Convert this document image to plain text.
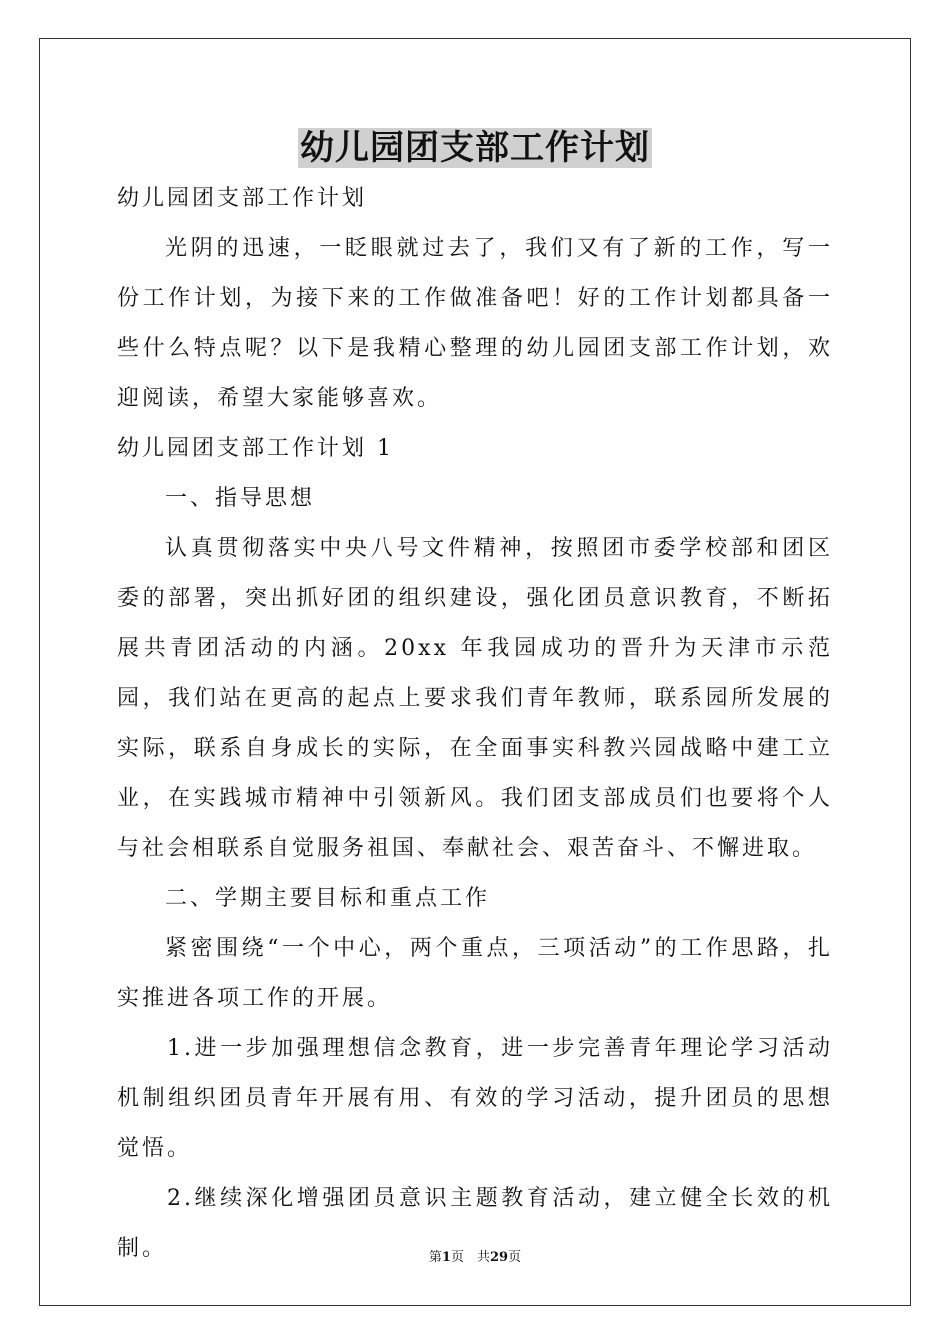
幼儿园团支部工作计划

幼儿园团支部工作计划

光阴的迅速，一眨眼就过去了，我们又有了新的工作，写一份工作计划，为接下来的工作做准备吧！好的工作计划都具备一些什么特点呢？以下是我精心整理的幼儿园团支部工作计划，欢迎阅读，希望大家能够喜欢。

幼儿园团支部工作计划 1

一、指导思想

认真贯彻落实中央八号文件精神，按照团市委学校部和团区委的部署，突出抓好团的组织建设，强化团员意识教育，不断拓展共青团活动的内涵。20xx 年我园成功的晋升为天津市示范园，我们站在更高的起点上要求我们青年教师，联系园所发展的实际，联系自身成长的实际，在全面事实科教兴园战略中建工立业，在实践城市精神中引领新风。我们团支部成员们也要将个人与社会相联系自觉服务祖国、奉献社会、艰苦奋斗、不懈进取。

二、学期主要目标和重点工作

紧密围绕“一个中心，两个重点，三项活动”的工作思路，扎实推进各项工作的开展。

1.进一步加强理想信念教育，进一步完善青年理论学习活动机制组织团员青年开展有用、有效的学习活动，提升团员的思想觉悟。

2.继续深化增强团员意识主题教育活动，建立健全长效的机制。	第1页　共29页
